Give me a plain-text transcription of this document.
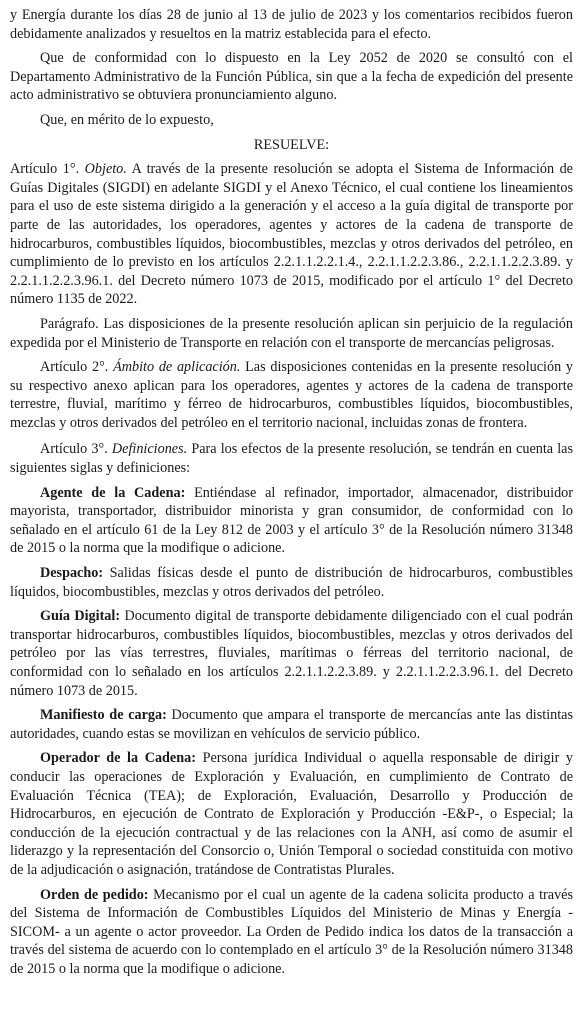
y Energía durante los días 28 de junio al 13 de julio de 2023 y los comentarios recibidos fueron debidamente analizados y resueltos en la matriz establecida para el efecto.

Que de conformidad con lo dispuesto en la Ley 2052 de 2020 se consultó con el Departamento Administrativo de la Función Pública, sin que a la fecha de expedición del presente acto administrativo se obtuviera pronunciamiento alguno.

Que, en mérito de lo expuesto,

RESUELVE:

Artículo 1°. Objeto. A través de la presente resolución se adopta el Sistema de Información de Guías Digitales (SIGDI) en adelante SIGDI y el Anexo Técnico, el cual contiene los lineamientos para el uso de este sistema dirigido a la generación y el acceso a la guía digital de transporte por parte de las autoridades, los operadores, agentes y actores de la cadena de transporte de hidrocarburos, combustibles líquidos, biocombustibles, mezclas y otros derivados del petróleo, en cumplimiento de lo previsto en los artículos 2.2.1.1.2.2.1.4., 2.2.1.1.2.2.3.86., 2.2.1.1.2.2.3.89. y 2.2.1.1.2.2.3.96.1. del Decreto número 1073 de 2015, modificado por el artículo 1° del Decreto número 1135 de 2022.

Parágrafo. Las disposiciones de la presente resolución aplican sin perjuicio de la regulación expedida por el Ministerio de Transporte en relación con el transporte de mercancías peligrosas.

Artículo 2°. Ámbito de aplicación. Las disposiciones contenidas en la presente resolución y su respectivo anexo aplican para los operadores, agentes y actores de la cadena de transporte terrestre, fluvial, marítimo y férreo de hidrocarburos, combustibles líquidos, biocombustibles, mezclas y otros derivados del petróleo en el territorio nacional, incluidas zonas de frontera.

Artículo 3°. Definiciones. Para los efectos de la presente resolución, se tendrán en cuenta las siguientes siglas y definiciones:

Agente de la Cadena: Entiéndase al refinador, importador, almacenador, distribuidor mayorista, transportador, distribuidor minorista y gran consumidor, de conformidad con lo señalado en el artículo 61 de la Ley 812 de 2003 y el artículo 3° de la Resolución número 31348 de 2015 o la norma que la modifique o adicione.

Despacho: Salidas físicas desde el punto de distribución de hidrocarburos, combustibles líquidos, biocombustibles, mezclas y otros derivados del petróleo.

Guía Digital: Documento digital de transporte debidamente diligenciado con el cual podrán transportar hidrocarburos, combustibles líquidos, biocombustibles, mezclas y otros derivados del petróleo por las vías terrestres, fluviales, marítimas o férreas del territorio nacional, de conformidad con lo señalado en los artículos 2.2.1.1.2.2.3.89. y 2.2.1.1.2.2.3.96.1. del Decreto número 1073 de 2015.

Manifiesto de carga: Documento que ampara el transporte de mercancías ante las distintas autoridades, cuando estas se movilizan en vehículos de servicio público.

Operador de la Cadena: Persona jurídica Individual o aquella responsable de dirigir y conducir las operaciones de Exploración y Evaluación, en cumplimiento de Contrato de Evaluación Técnica (TEA); de Exploración, Evaluación, Desarrollo y Producción de Hidrocarburos, en ejecución de Contrato de Exploración y Producción -E&P-, o Especial; la conducción de la ejecución contractual y de las relaciones con la ANH, así como de asumir el liderazgo y la representación del Consorcio o, Unión Temporal o sociedad constituida con motivo de la adjudicación o asignación, tratándose de Contratistas Plurales.

Orden de pedido: Mecanismo por el cual un agente de la cadena solicita producto a través del Sistema de Información de Combustibles Líquidos del Ministerio de Minas y Energía -SICOM- a un agente o actor proveedor. La Orden de Pedido indica los datos de la transacción a través del sistema de acuerdo con lo contemplado en el artículo 3° de la Resolución número 31348 de 2015 o la norma que la modifique o adicione.
